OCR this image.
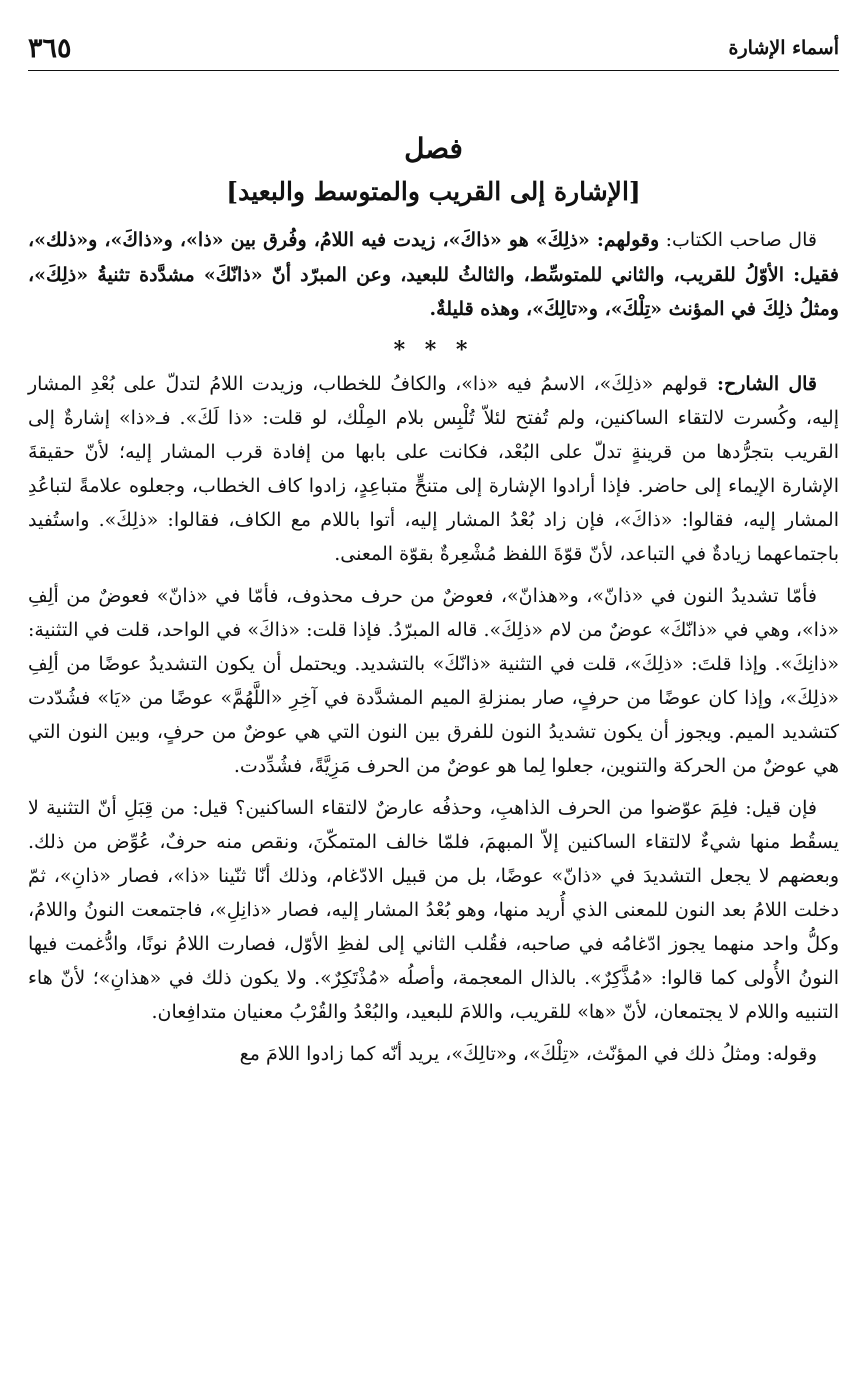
أسماء الإشارة
٣٦٥
فصل
[الإشارة إلى القريب والمتوسط والبعيد]

قال صاحب الكتاب: وقولهم: «ذلِكَ» هو «ذاكَ»، زيدت فيه اللامُ، وفُرق بين «ذا»، و«ذاكَ»، و«ذلك»، فقيل: الأوّلُ للقريب، والثاني للمتوسِّط، والثالثُ للبعيد، وعن المبرّد أنّ «ذانّكَ» مشدَّدة تثنيةُ «ذلِكَ»، ومثلُ ذلِكَ في المؤنث «تِلْكَ»، و«تالِكَ»، وهذه قليلةٌ.

* * *

قال الشارح: قولهم «ذلِكَ»، الاسمُ فيه «ذا»، والكافُ للخطاب، وزيدت اللامُ لتدلّ على بُعْدِ المشار إليه، وكُسرت لالتقاء الساكنين، ولم تُفتح لئلاّ تُلْبِس بلام المِلْك، لو قلت: «ذا لَكَ». فـ«ذا» إشارةٌ إلى القريب بتجرُّدها من قرينةٍ تدلّ على البُعْد، فكانت على بابها من إفادة قرب المشار إليه؛ لأنّ حقيقةَ الإشارة الإيماء إلى حاضر. فإذا أرادوا الإشارة إلى متنحٍّ متباعِدٍ، زادوا كاف الخطاب، وجعلوه علامةً لتباعُدِ المشار إليه، فقالوا: «ذاكَ»، فإن زاد بُعْدُ المشار إليه، أتوا باللام مع الكاف، فقالوا: «ذلِكَ». واستُفيد باجتماعهما زيادةٌ في التباعد، لأنّ قوّةَ اللفظ مُشْعِرةٌ بقوّة المعنى.

فأمّا تشديدُ النون في «ذانّ»، و«هذانّ»، فعوضٌ من حرف محذوف، فأمّا في «ذانّ» فعوضٌ من ألِفِ «ذا»، وهي في «ذانّكَ» عوضٌ من لام «ذلِكَ». قاله المبرّدُ. فإذا قلت: «ذاكَ» في الواحد، قلت في التثنية: «ذانِكَ». وإذا قلتَ: «ذلِكَ»، قلت في التثنية «ذانّكَ» بالتشديد. ويحتمل أن يكون التشديدُ عوضًا من ألِفِ «ذلِكَ»، وإذا كان عوضًا من حرفٍ، صار بمنزلةِ الميم المشدَّدة في آخِرِ «اللَّهُمَّ» عوضًا من «يَا» فشُدّدت كتشديد الميم. ويجوز أن يكون تشديدُ النون للفرق بين النون التي هي عوضٌ من حرفٍ، وبين النون التي هي عوضٌ من الحركة والتنوين، جعلوا لِما هو عوضٌ من الحرف مَزِيَّةً، فشُدِّدت.

فإن قيل: فلِمَ عوّضوا من الحرف الذاهبِ، وحذفُه عارضٌ لالتقاء الساكنين؟ قيل: من قِبَلِ أنّ التثنية لا يسقُط منها شيءٌ لالتقاء الساكنين إلاّ المبهمَ، فلمّا خالف المتمكّنَ، ونقص منه حرفٌ، عُوِّض من ذلك. وبعضهم لا يجعل التشديدَ في «ذانّ» عوضًا، بل من قبيل الادّغام، وذلك أنّا ثنّينا «ذا»، فصار «ذانِ»، ثمّ دخلت اللامُ بعد النون للمعنى الذي أُريد منها، وهو بُعْدُ المشار إليه، فصار «ذانِلِ»، فاجتمعت النونُ واللامُ، وكلُّ واحد منهما يجوز ادّغامُه في صاحبه، فقُلب الثاني إلى لفظِ الأوّل، فصارت اللامُ نونًا، وادُّغمت فيها النونُ الأُولى كما قالوا: «مُذَّكِرٌ». بالذال المعجمة، وأصلُه «مُذْتَكِرٌ». ولا يكون ذلك في «هذانِ»؛ لأنّ هاء التنبيه واللام لا يجتمعان، لأنّ «ها» للقريب، واللامَ للبعيد، والبُعْدُ والقُرْبُ معنيان متدافِعان.

وقوله: ومثلُ ذلك في المؤنّث، «تِلْكَ»، و«تالِكَ»، يريد أنّه كما زادوا اللامَ مع
